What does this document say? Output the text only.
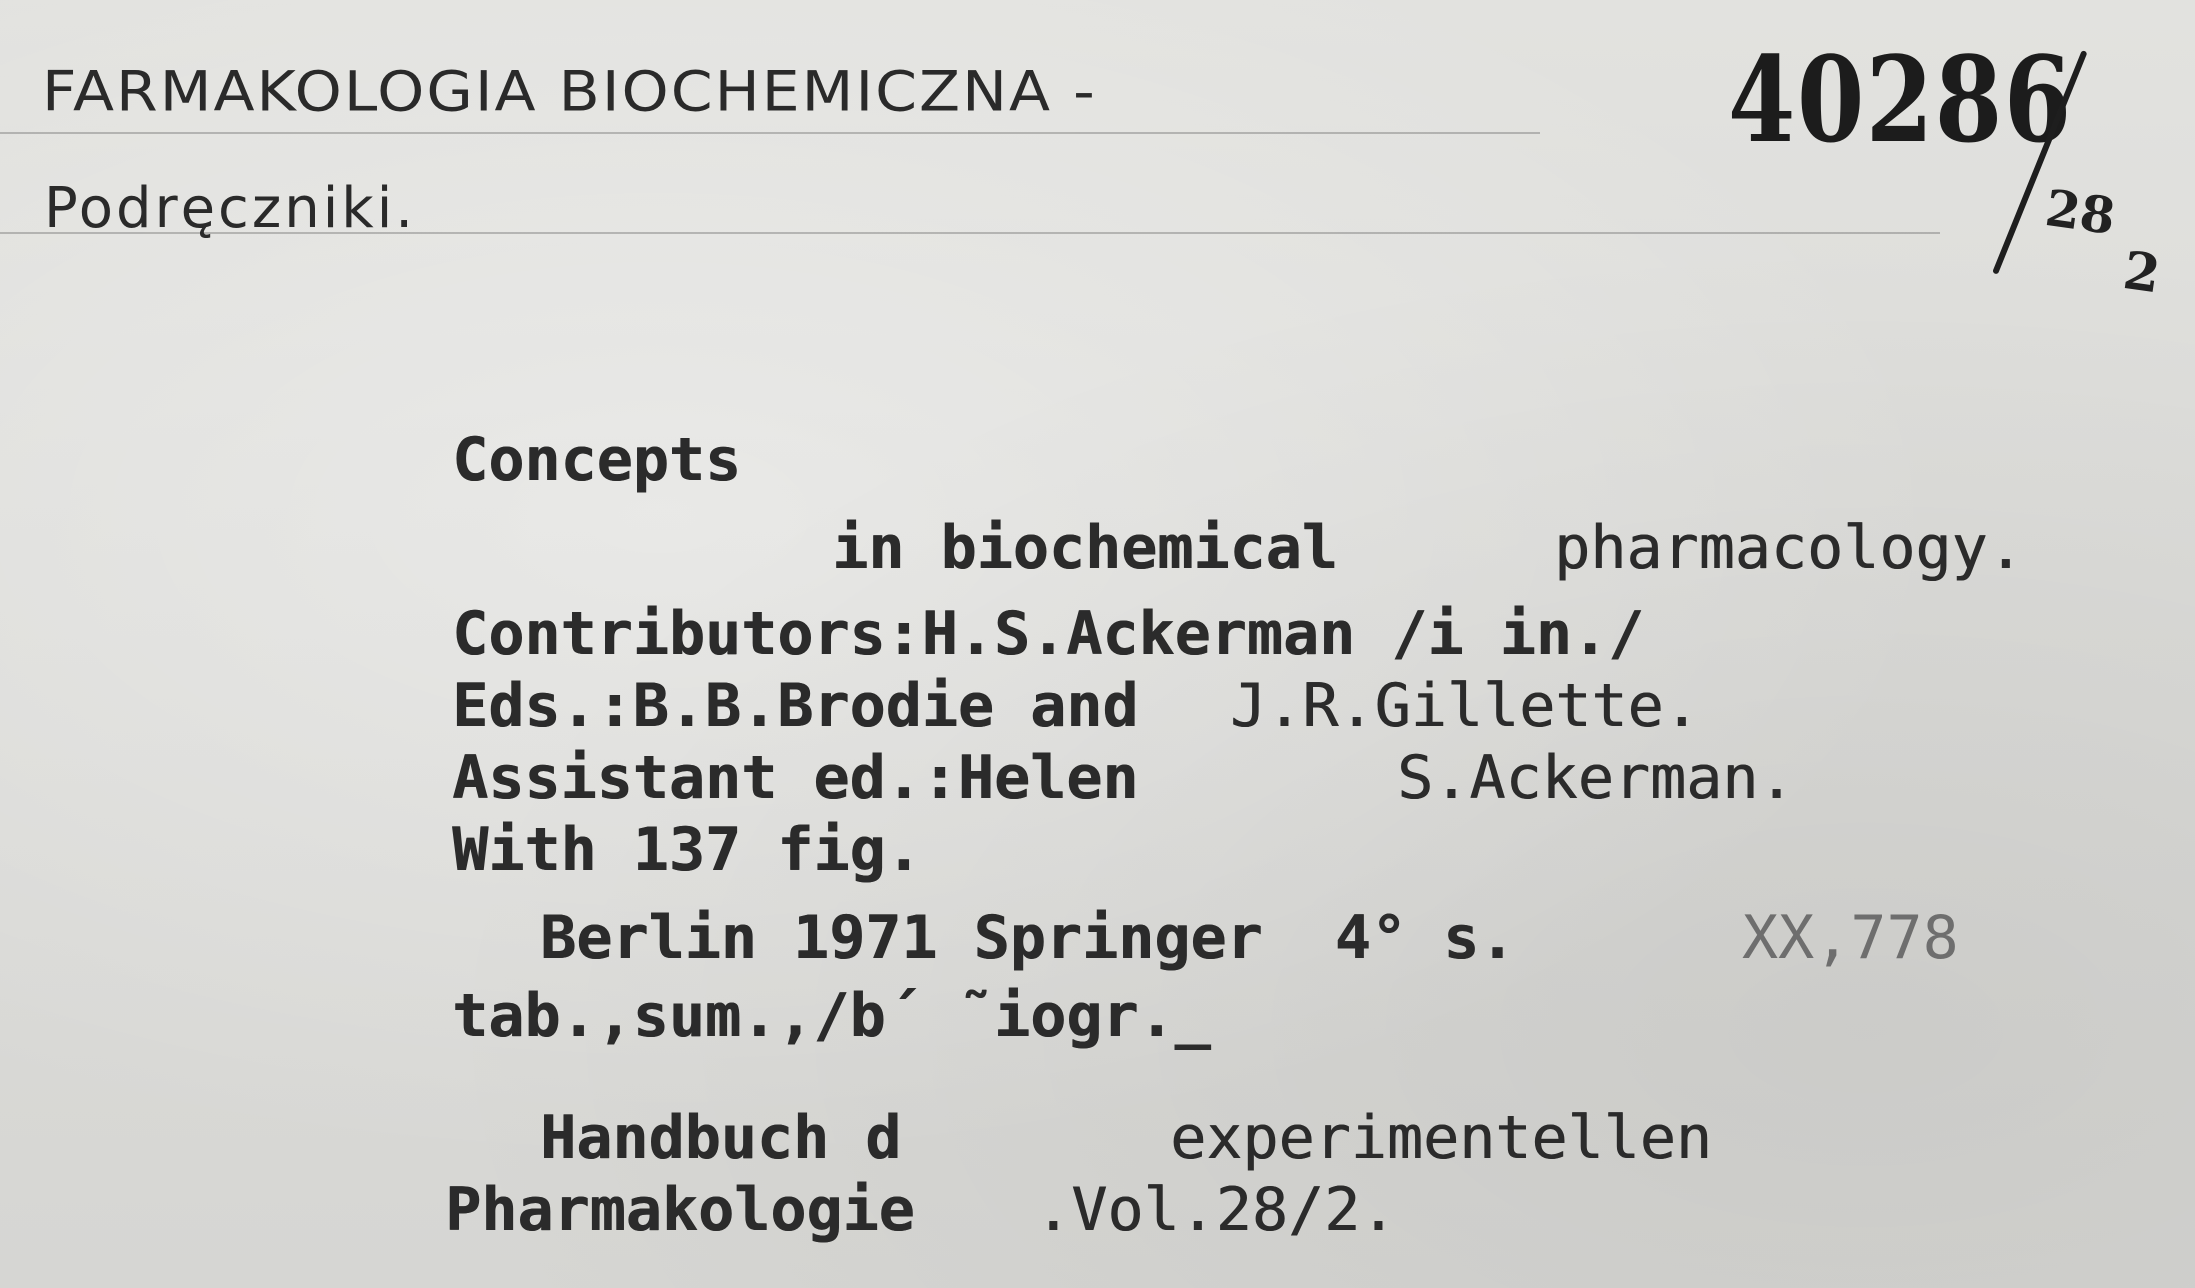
FARMAKOLOGIA BIOCHEMICZNA -
Podręczniki.
40286
28
2
Concepts
in biochemical	pharmacology.
Contributors:H.S.Ackerman /i in./
Eds.:B.B.Brodie and J.R.Gillette.
Assistant ed.:Helen	S.Ackerman.
With 137 fig.
Berlin 1971 Springer  4° s.	XX,778
tab.,sum.,/b´ ˜iogr._
Handbuch d	experimentellen
Pharmakologie .Vol.28/2.
